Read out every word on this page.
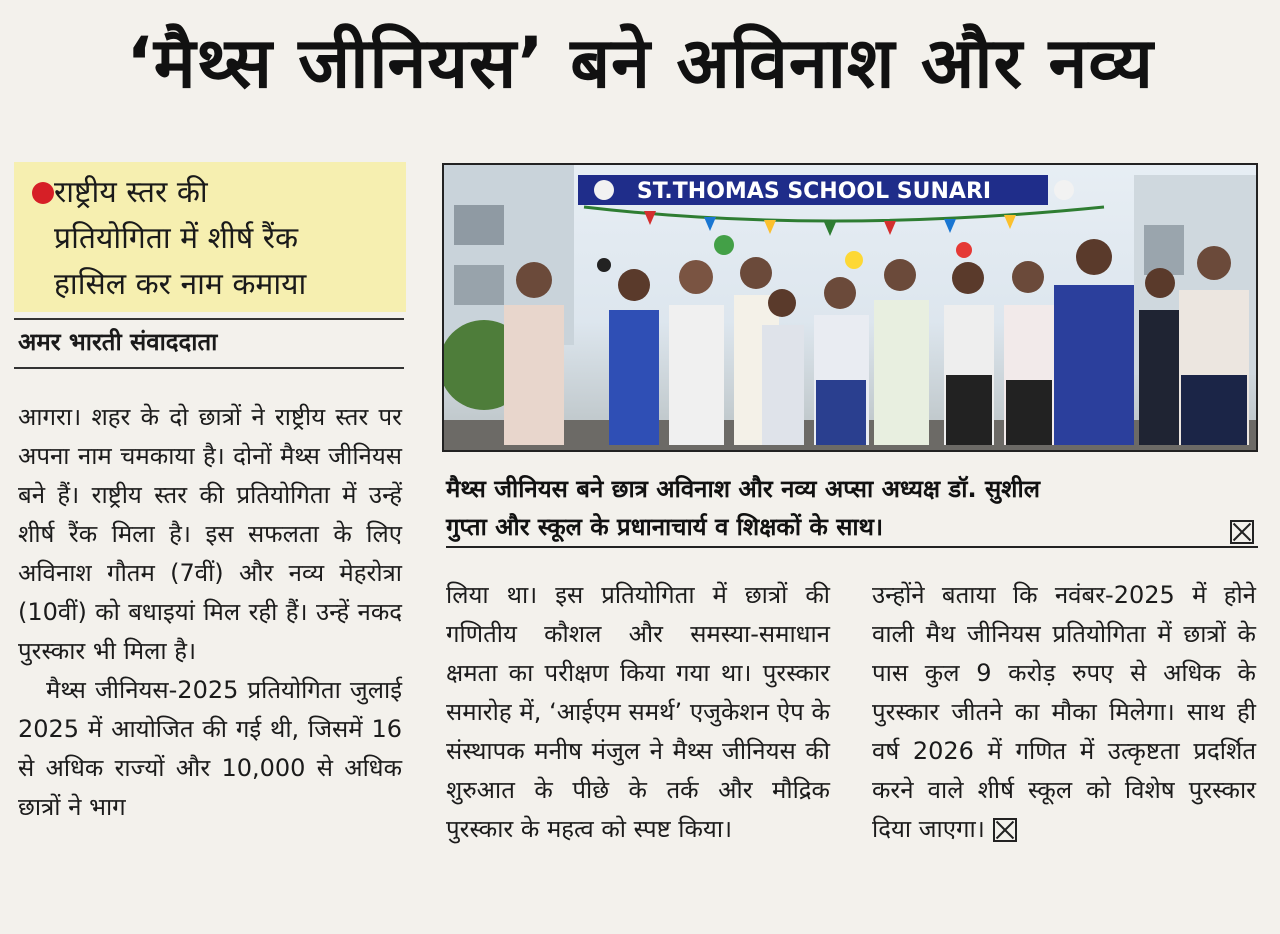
‘मैथ्स जीनियस’ बने अविनाश और नव्य
राष्ट्रीय स्तर की
प्रतियोगिता में शीर्ष रैंक
हासिल कर नाम कमाया
अमर भारती संवाददाता

आगरा। शहर के दो छात्रों ने राष्ट्रीय स्तर पर अपना नाम चमकाया है। दोनों मैथ्स जीनियस बने हैं। राष्ट्रीय स्तर की प्रतियोगिता में उन्हें शीर्ष रैंक मिला है। इस सफलता के लिए अविनाश गौतम (7वीं) और नव्य मेहरोत्रा (10वीं) को बधाइयां मिल रही हैं। उन्हें नकद पुरस्कार भी मिला है।

मैथ्स जीनियस-2025 प्रतियोगिता जुलाई 2025 में आयोजित की गई थी, जिसमें 16 से अधिक राज्यों और 10,000 से अधिक छात्रों ने भाग

ST.THOMAS SCHOOL SUNARI
मैथ्स जीनियस बने छात्र अविनाश और नव्य अप्सा अध्यक्ष डॉ. सुशील
गुप्ता और स्कूल के प्रधानाचार्य व शिक्षकों के साथ।

लिया था। इस प्रतियोगिता में छात्रों की गणितीय कौशल और समस्या-समाधान क्षमता का परीक्षण किया गया था। पुरस्कार समारोह में, ‘आईएम समर्थ’ एजुकेशन ऐप के संस्थापक मनीष मंजुल ने मैथ्स जीनियस की शुरुआत के पीछे के तर्क और मौद्रिक पुरस्कार के महत्व को स्पष्ट किया।

उन्होंने बताया कि नवंबर-2025 में होने वाली मैथ जीनियस प्रतियोगिता में छात्रों के पास कुल 9 करोड़ रुपए से अधिक के पुरस्कार जीतने का मौका मिलेगा। साथ ही वर्ष 2026 में गणित में उत्कृष्टता प्रदर्शित करने वाले शीर्ष स्कूल को विशेष पुरस्कार दिया जाएगा।
